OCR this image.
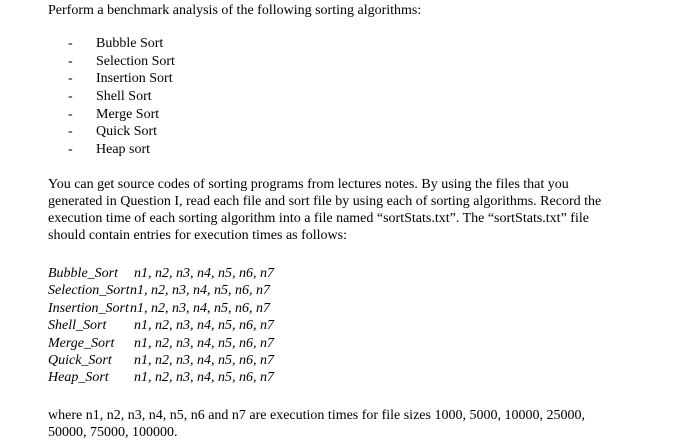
Perform a benchmark analysis of the following sorting algorithms:
- Bubble Sort
- Selection Sort
- Insertion Sort
- Shell Sort
- Merge Sort
- Quick Sort
- Heap sort
You can get source codes of sorting programs from lectures notes. By using the files that you
generated in Question I, read each file and sort file by using each of sorting algorithms. Record the
execution time of each sorting algorithm into a file named “sortStats.txt”. The “sortStats.txt” file
should contain entries for execution times as follows:
Bubble_Sort n1, n2, n3, n4, n5, n6, n7
Selection_Sort n1, n2, n3, n4, n5, n6, n7
Insertion_Sort n1, n2, n3, n4, n5, n6, n7
Shell_Sort n1, n2, n3, n4, n5, n6, n7
Merge_Sort n1, n2, n3, n4, n5, n6, n7
Quick_Sort n1, n2, n3, n4, n5, n6, n7
Heap_Sort n1, n2, n3, n4, n5, n6, n7
where n1, n2, n3, n4, n5, n6 and n7 are execution times for file sizes 1000, 5000, 10000, 25000,
50000, 75000, 100000.
